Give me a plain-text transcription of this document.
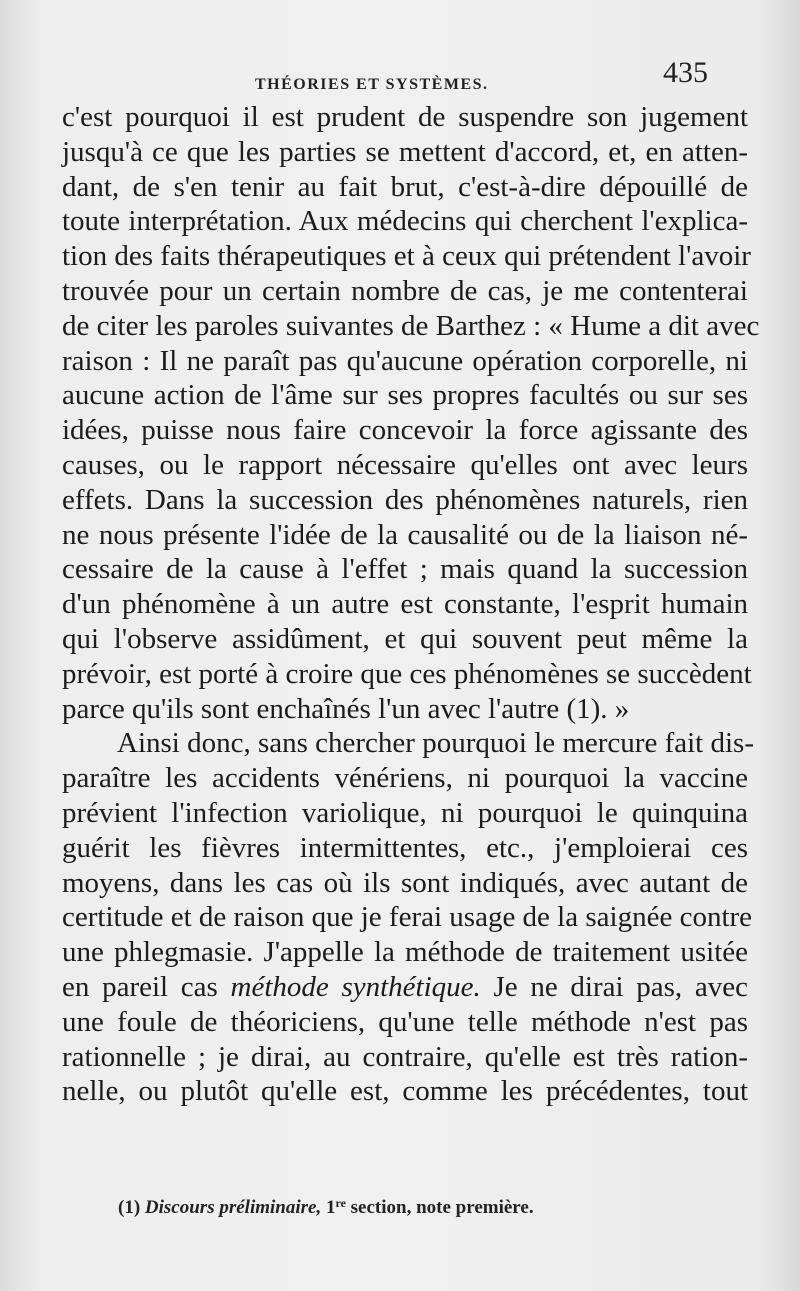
THÉORIES ET SYSTÈMES.	435
c'est pourquoi il est prudent de suspendre son jugement
jusqu'à ce que les parties se mettent d'accord, et, en atten-
dant, de s'en tenir au fait brut, c'est-à-dire dépouillé de
toute interprétation. Aux médecins qui cherchent l'explica-
tion des faits thérapeutiques et à ceux qui prétendent l'avoir
trouvée pour un certain nombre de cas, je me contenterai
de citer les paroles suivantes de Barthez : « Hume a dit avec
raison : Il ne paraît pas qu'aucune opération corporelle, ni
aucune action de l'âme sur ses propres facultés ou sur ses
idées, puisse nous faire concevoir la force agissante des
causes, ou le rapport nécessaire qu'elles ont avec leurs
effets. Dans la succession des phénomènes naturels, rien
ne nous présente l'idée de la causalité ou de la liaison né-
cessaire de la cause à l'effet ; mais quand la succession
d'un phénomène à un autre est constante, l'esprit humain
qui l'observe assidûment, et qui souvent peut même la
prévoir, est porté à croire que ces phénomènes se succèdent
parce qu'ils sont enchaînés l'un avec l'autre (1). »
Ainsi donc, sans chercher pourquoi le mercure fait dis-
paraître les accidents vénériens, ni pourquoi la vaccine
prévient l'infection variolique, ni pourquoi le quinquina
guérit les fièvres intermittentes, etc., j'emploierai ces
moyens, dans les cas où ils sont indiqués, avec autant de
certitude et de raison que je ferai usage de la saignée contre
une phlegmasie. J'appelle la méthode de traitement usitée
en pareil cas méthode synthétique. Je ne dirai pas, avec
une foule de théoriciens, qu'une telle méthode n'est pas
rationnelle ; je dirai, au contraire, qu'elle est très ration-
nelle, ou plutôt qu'elle est, comme les précédentes, tout
(1) Discours préliminaire, 1re section, note première.
